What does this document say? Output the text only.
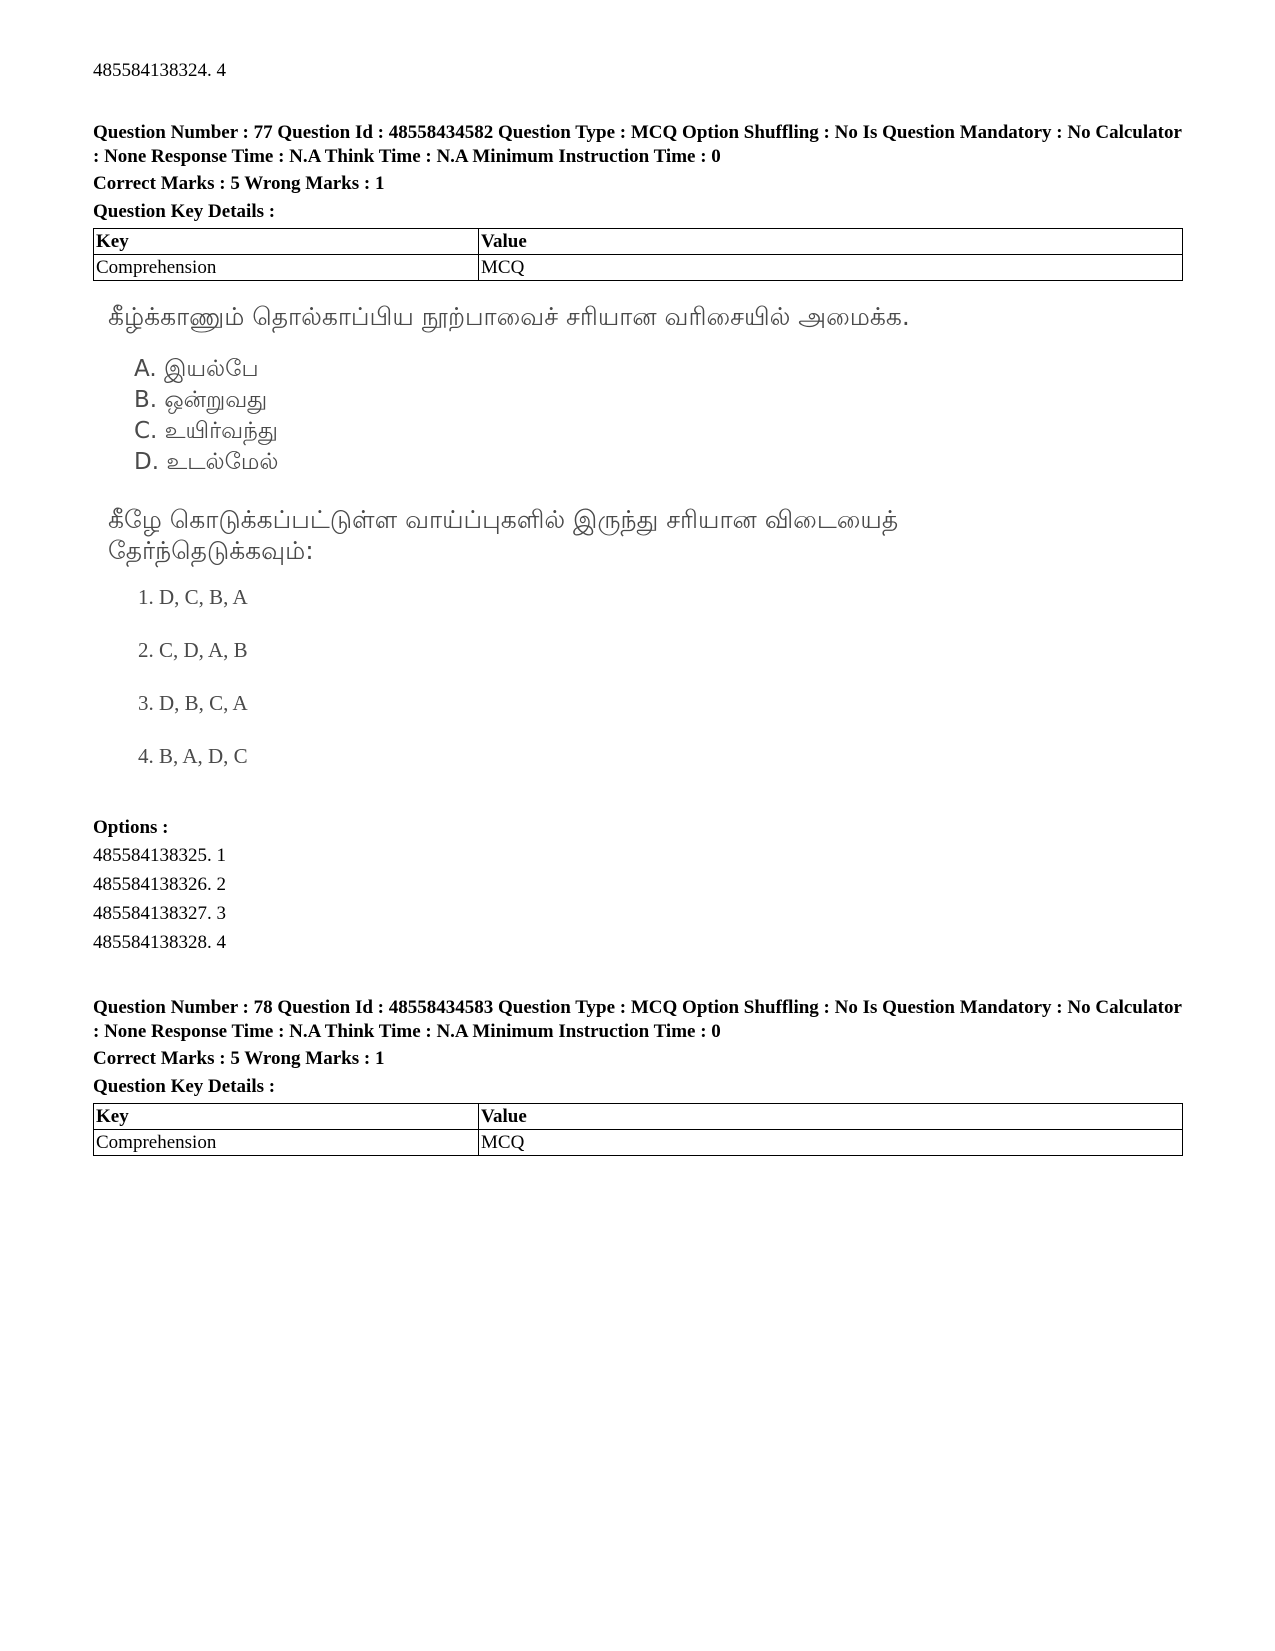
485584138324. 4
Question Number : 77 Question Id : 48558434582 Question Type : MCQ Option Shuffling : No Is Question Mandatory : No Calculator : None Response Time : N.A Think Time : N.A Minimum Instruction Time : 0
Correct Marks : 5 Wrong Marks : 1
Question Key Details :
Key	Value
Comprehension	MCQ
கீழ்க்காணும் தொல்காப்பிய நூற்பாவைச் சரியான வரிசையில் அமைக்க.
A. இயல்பே
B. ஒன்றுவது
C. உயிர்வந்து
D. உடல்மேல்
கீழே கொடுக்கப்பட்டுள்ள வாய்ப்புகளில் இருந்து சரியான விடையைத்
தேர்ந்தெடுக்கவும்:
1. D, C, B, A
2. C, D, A, B
3. D, B, C, A
4. B, A, D, C
Options :
485584138325. 1
485584138326. 2
485584138327. 3
485584138328. 4
Question Number : 78 Question Id : 48558434583 Question Type : MCQ Option Shuffling : No Is Question Mandatory : No Calculator : None Response Time : N.A Think Time : N.A Minimum Instruction Time : 0
Correct Marks : 5 Wrong Marks : 1
Question Key Details :
Key	Value
Comprehension	MCQ
